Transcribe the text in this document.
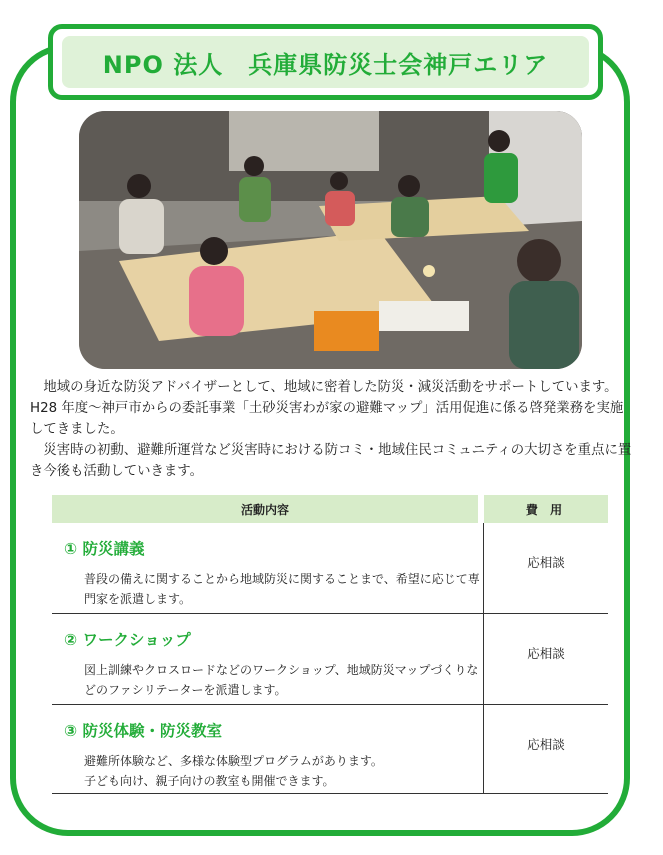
NPO 法人　兵庫県防災士会神戸エリア

　地域の身近な防災アドバイザーとして、地域に密着した防災・減災活動をサポートしています。H28 年度～神戸市からの委託事業「土砂災害わが家の避難マップ」活用促進に係る啓発業務を実施してきました。

　災害時の初動、避難所運営など災害時における防コミ・地域住民コミュニティの大切さを重点に置き今後も活動していきます。

活動内容	費 用
① 防災講義
普段の備えに関することから地域防災に関することまで、希望に応じて専門家を派遣します。
応相談
② ワークショップ
図上訓練やクロスロードなどのワークショップ、地域防災マップづくりなどのファシリテーターを派遣します。
応相談
③ 防災体験・防災教室
避難所体験など、多様な体験型プログラムがあります。
子ども向け、親子向けの教室も開催できます。
応相談
